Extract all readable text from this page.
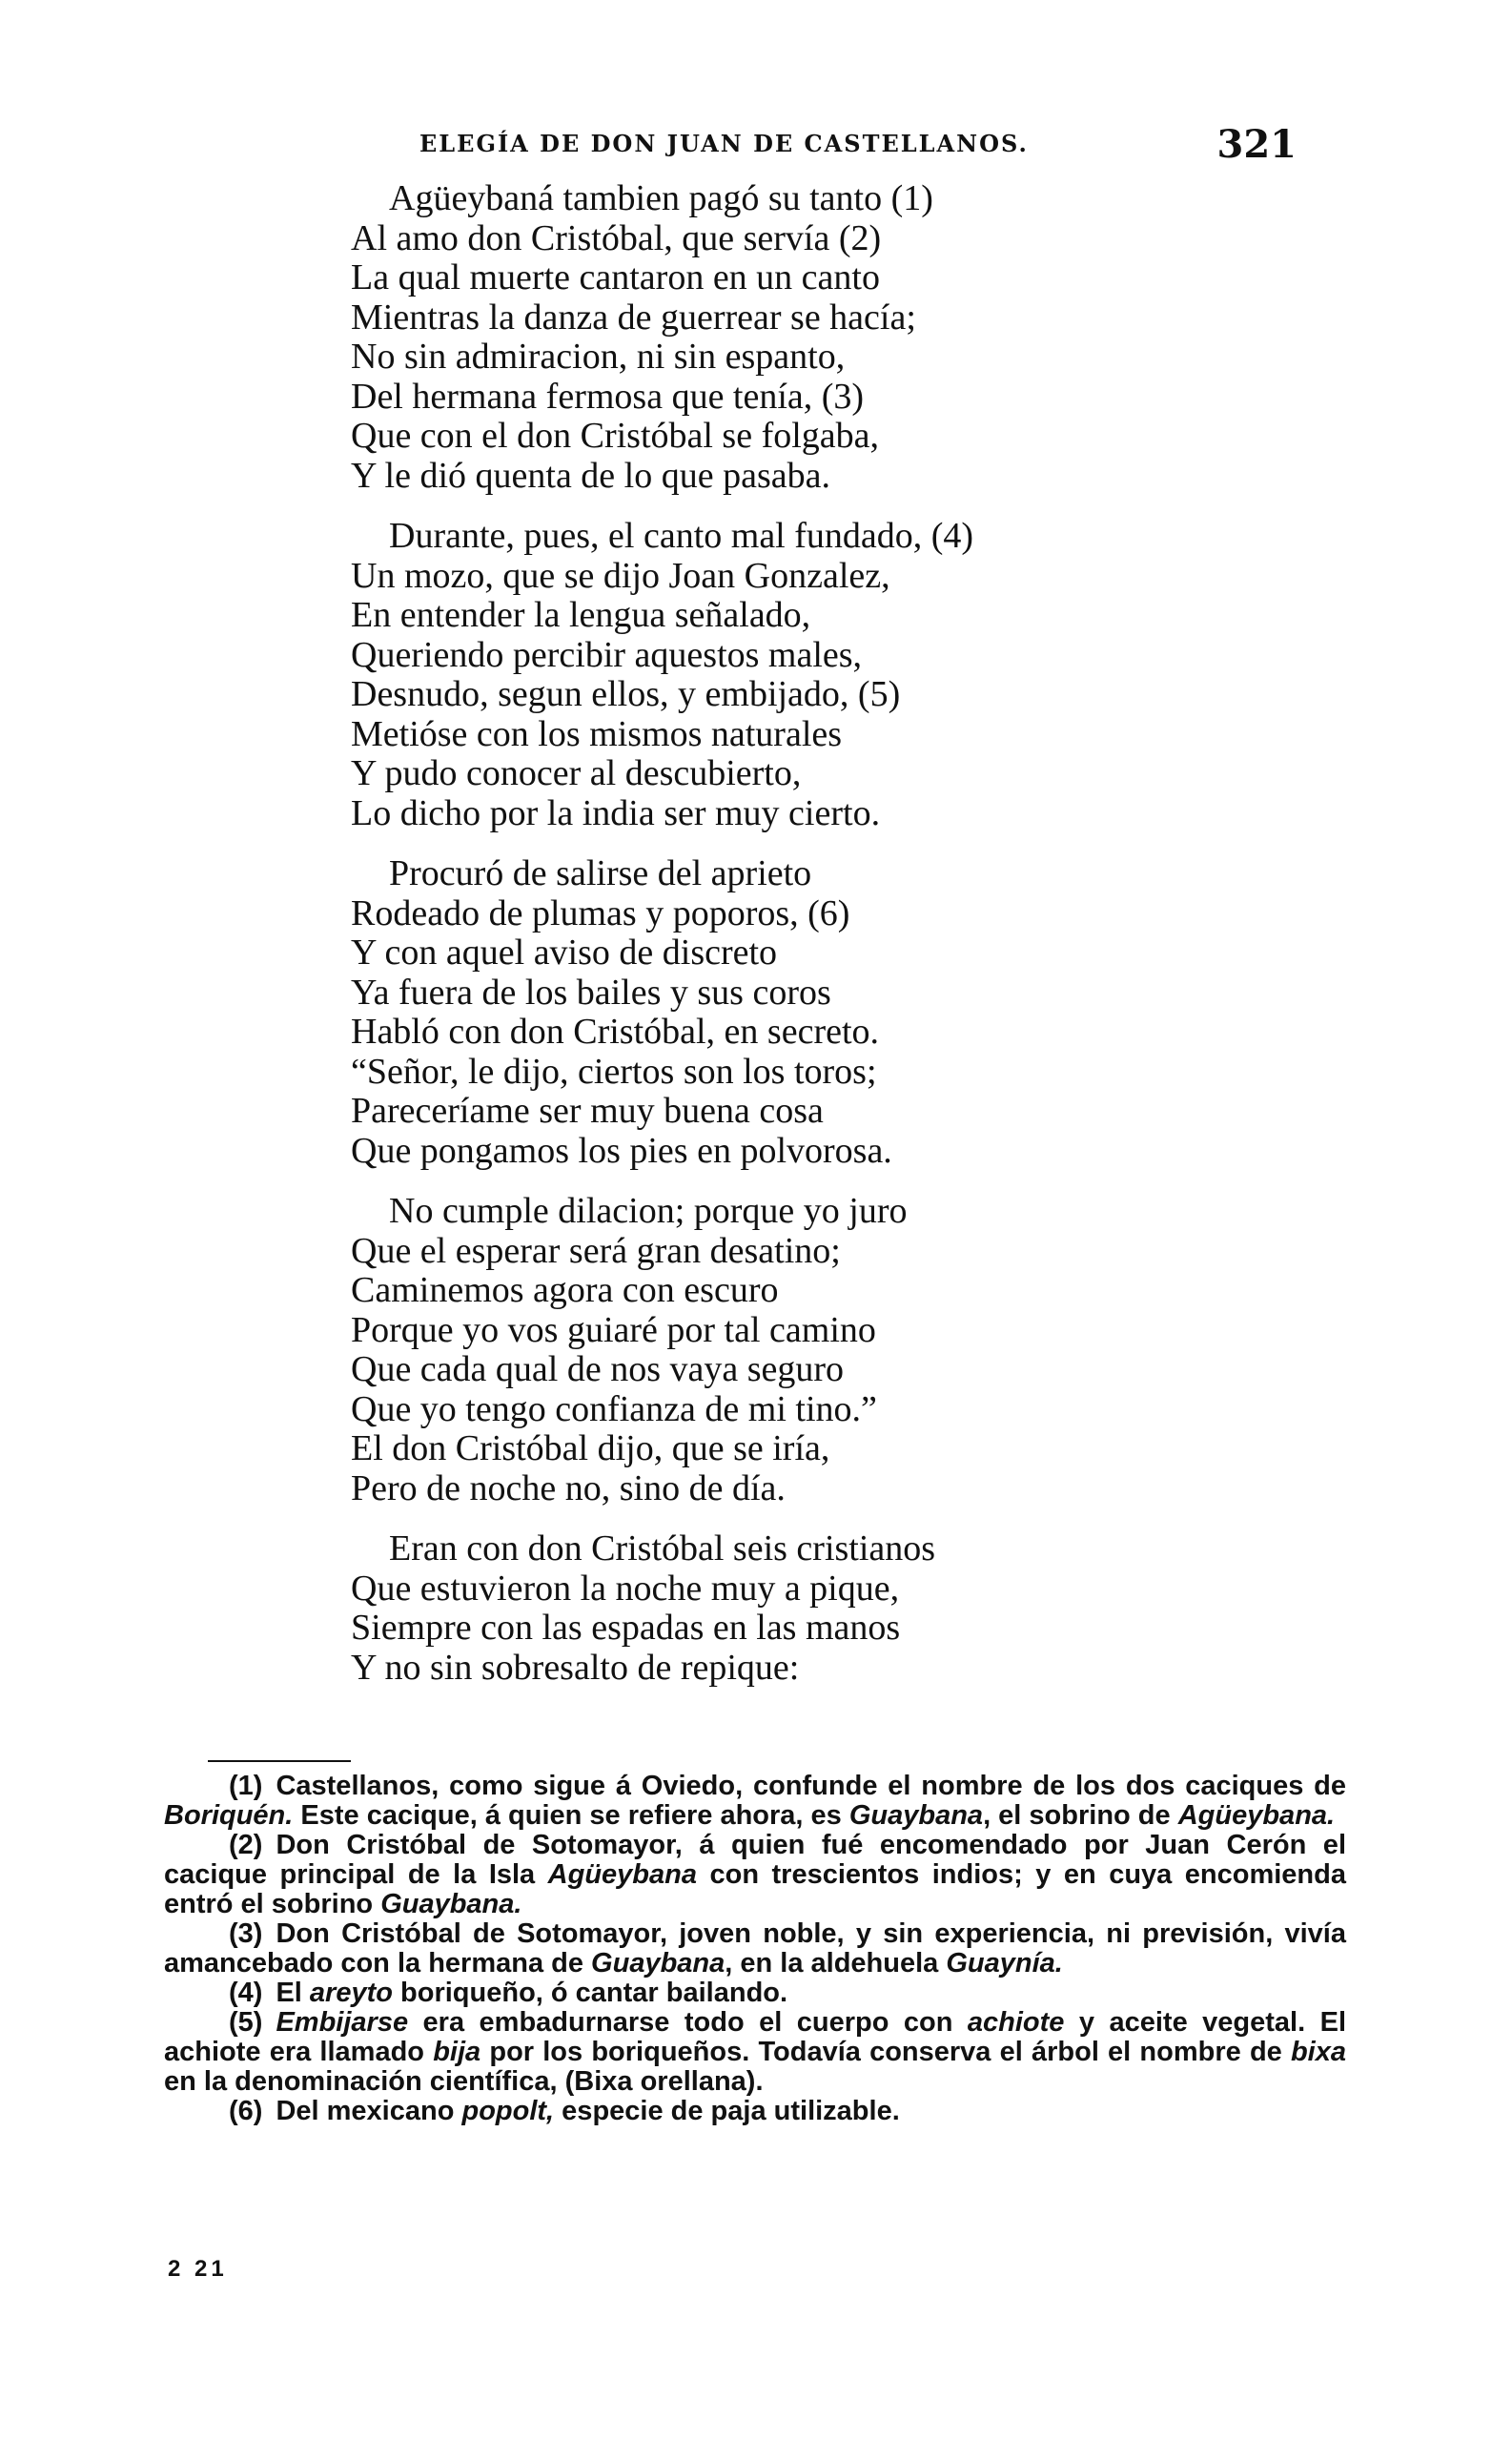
ELEGÍA DE DON JUAN DE CASTELLANOS.	321
Agüeybaná tambien pagó su tanto (1)
Al amo don Cristóbal, que servía (2)
La qual muerte cantaron en un canto
Mientras la danza de guerrear se hacía;
No sin admiracion, ni sin espanto,
Del hermana fermosa que tenía, (3)
Que con el don Cristóbal se folgaba,
Y le dió quenta de lo que pasaba.
Durante, pues, el canto mal fundado, (4)
Un mozo, que se dijo Joan Gonzalez,
En entender la lengua señalado,
Queriendo percibir aquestos males,
Desnudo, segun ellos, y embijado, (5)
Metióse con los mismos naturales
Y pudo conocer al descubierto,
Lo dicho por la india ser muy cierto.
Procuró de salirse del aprieto
Rodeado de plumas y poporos, (6)
Y con aquel aviso de discreto
Ya fuera de los bailes y sus coros
Habló con don Cristóbal, en secreto.
“Señor, le dijo, ciertos son los toros;
Pareceríame ser muy buena cosa
Que pongamos los pies en polvorosa.
No cumple dilacion; porque yo juro
Que el esperar será gran desatino;
Caminemos agora con escuro
Porque yo vos guiaré por tal camino
Que cada qual de nos vaya seguro
Que yo tengo confianza de mi tino.”
El don Cristóbal dijo, que se iría,
Pero de noche no, sino de día.
Eran con don Cristóbal seis cristianos
Que estuvieron la noche muy a pique,
Siempre con las espadas en las manos
Y no sin sobresalto de repique:

(1) Castellanos, como sigue á Oviedo, confunde el nombre de los dos caciques de Boriquén. Este cacique, á quien se refiere ahora, es Guaybana, el sobrino de Agüeybana.

(2) Don Cristóbal de Sotomayor, á quien fué encomendado por Juan Cerón el cacique principal de la Isla Agüeybana con trescientos indios; y en cuya encomienda entró el sobrino Guaybana.

(3) Don Cristóbal de Sotomayor, joven noble, y sin experiencia, ni previsión, vivía amancebado con la hermana de Guaybana, en la aldehuela Guaynía.

(4) El areyto boriqueño, ó cantar bailando.

(5) Embijarse era embadurnarse todo el cuerpo con achiote y aceite vegetal. El achiote era llamado bija por los boriqueños. Todavía conserva el árbol el nombre de bixa en la denominación científica, (Bixa orellana).

(6) Del mexicano popolt, especie de paja utilizable.

2 21
